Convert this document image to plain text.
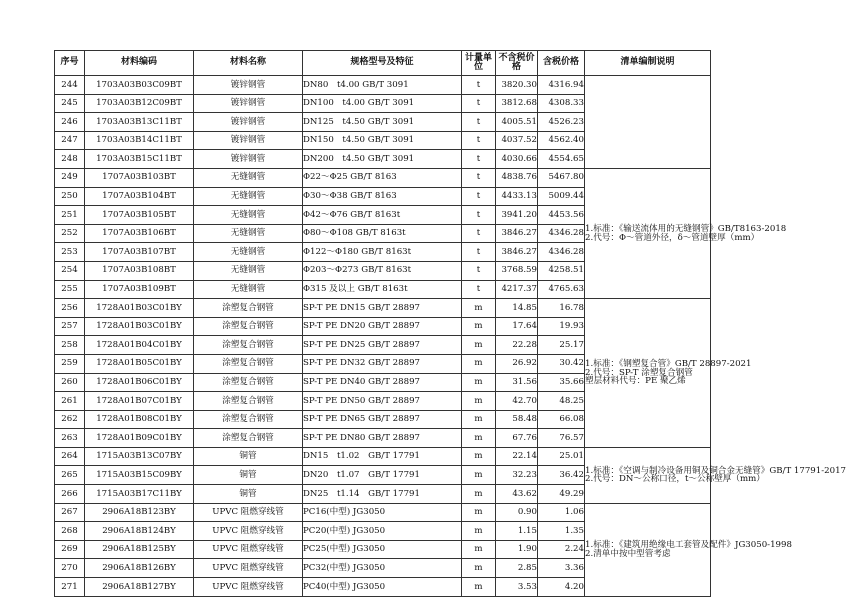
序号	材料编码	材料名称	规格型号及特征	计量单位	不含税价格	含税价格	清单编制说明
244	1703A03B03C09BT	镀锌钢管	DN80　t4.00 GB/T 3091	t	3820.30	4316.94	
245	1703A03B12C09BT	镀锌钢管	DN100　t4.00 GB/T 3091	t	3812.68	4308.33	
246	1703A03B13C11BT	镀锌钢管	DN125　t4.50 GB/T 3091	t	4005.51	4526.23	
247	1703A03B14C11BT	镀锌钢管	DN150　t4.50 GB/T 3091	t	4037.52	4562.40	
248	1703A03B15C11BT	镀锌钢管	DN200　t4.50 GB/T 3091	t	4030.66	4554.65	
249	1707A03B103BT	无缝钢管	Φ22～Φ25 GB/T 8163	t	4838.76	5467.80	1.标准：《输送流体用的无缝钢管》GB/T8163-2018
2.代号：Φ～管道外径，δ～管道壁厚（mm）

250	1707A03B104BT	无缝钢管	Φ30～Φ38 GB/T 8163	t	4433.13	5009.44	
251	1707A03B105BT	无缝钢管	Φ42～Φ76 GB/T 8163t	t	3941.20	4453.56	
252	1707A03B106BT	无缝钢管	Φ80～Φ108 GB/T 8163t	t	3846.27	4346.28	
253	1707A03B107BT	无缝钢管	Φ122～Φ180 GB/T 8163t	t	3846.27	4346.28	
254	1707A03B108BT	无缝钢管	Φ203～Φ273 GB/T 8163t	t	3768.59	4258.51	
255	1707A03B109BT	无缝钢管	Φ315 及以上 GB/T 8163t	t	4217.37	4765.63	
256	1728A01B03C01BY	涂塑复合钢管	SP-T PE DN15 GB/T 28897	m	14.85	16.78	1.标准：《钢塑复合管》GB/T 28897-2021
2.代号：SP-T 涂塑复合钢管
塑层材料代号：PE 聚乙烯

257	1728A01B03C01BY	涂塑复合钢管	SP-T PE DN20 GB/T 28897	m	17.64	19.93	
258	1728A01B04C01BY	涂塑复合钢管	SP-T PE DN25 GB/T 28897	m	22.28	25.17	
259	1728A01B05C01BY	涂塑复合钢管	SP-T PE DN32 GB/T 28897	m	26.92	30.42	
260	1728A01B06C01BY	涂塑复合钢管	SP-T PE DN40 GB/T 28897	m	31.56	35.66	
261	1728A01B07C01BY	涂塑复合钢管	SP-T PE DN50 GB/T 28897	m	42.70	48.25	
262	1728A01B08C01BY	涂塑复合钢管	SP-T PE DN65 GB/T 28897	m	58.48	66.08	
263	1728A01B09C01BY	涂塑复合钢管	SP-T PE DN80 GB/T 28897	m	67.76	76.57	
264	1715A03B13C07BY	铜管	DN15　t1.02　GB/T 17791	m	22.14	25.01	1.标准：《空调与制冷设备用铜及铜合金无缝管》GB/T 17791-2017
2.代号：DN～公称口径，t～公称壁厚（mm）

265	1715A03B15C09BY	铜管	DN20　t1.07　GB/T 17791	m	32.23	36.42	
266	1715A03B17C11BY	铜管	DN25　t1.14　GB/T 17791	m	43.62	49.29	
267	2906A18B123BY	UPVC 阻燃穿线管	PC16(中型) JG3050	m	0.90	1.06	1.标准：《建筑用绝缘电工套管及配件》JG3050-1998
2.清单中按中型管考虑

268	2906A18B124BY	UPVC 阻燃穿线管	PC20(中型) JG3050	m	1.15	1.35	
269	2906A18B125BY	UPVC 阻燃穿线管	PC25(中型) JG3050	m	1.90	2.24	
270	2906A18B126BY	UPVC 阻燃穿线管	PC32(中型) JG3050	m	2.85	3.36	
271	2906A18B127BY	UPVC 阻燃穿线管	PC40(中型) JG3050	m	3.53	4.20	
